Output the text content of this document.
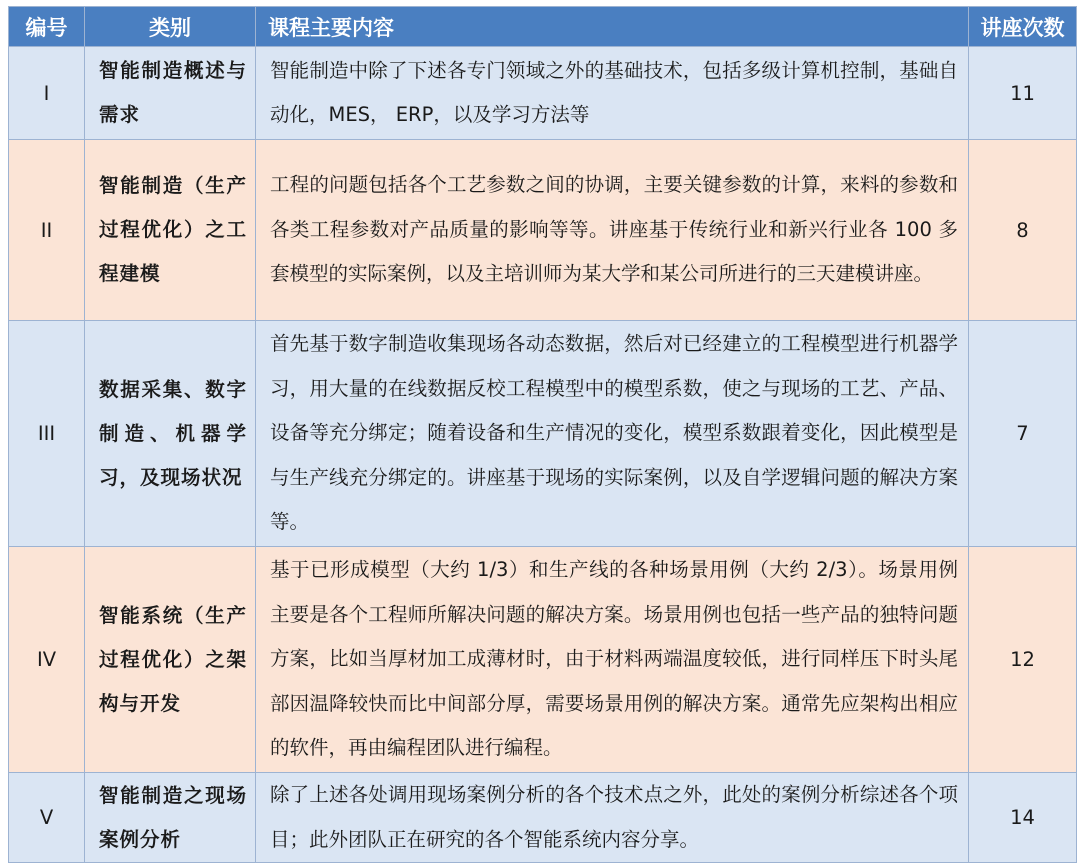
编号	类别	课程主要内容	讲座次数
I	智能制造概述与需求	智能制造中除了下述各专门领域之外的基础技术，包括多级计算机控制，基础自动化，MES， ERP，以及学习方法等	11
II	智能制造（生产过程优化）之工程建模	工程的问题包括各个工艺参数之间的协调，主要关键参数的计算，来料的参数和各类工程参数对产品质量的影响等等。讲座基于传统行业和新兴行业各 100 多套模型的实际案例，以及主培训师为某大学和某公司所进行的三天建模讲座。	8
III	数据采集、数字制造、机器学习，及现场状况	首先基于数字制造收集现场各动态数据，然后对已经建立的工程模型进行机器学习，用大量的在线数据反校工程模型中的模型系数，使之与现场的工艺、产品、设备等充分绑定；随着设备和生产情况的变化，模型系数跟着变化，因此模型是与生产线充分绑定的。讲座基于现场的实际案例，以及自学逻辑问题的解决方案等。	7
IV	智能系统（生产过程优化）之架构与开发	基于已形成模型（大约 1/3）和生产线的各种场景用例（大约 2/3）。场景用例主要是各个工程师所解决问题的解决方案。场景用例也包括一些产品的独特问题方案，比如当厚材加工成薄材时，由于材料两端温度较低，进行同样压下时头尾部因温降较快而比中间部分厚，需要场景用例的解决方案。通常先应架构出相应的软件，再由编程团队进行编程。	12
V	智能制造之现场案例分析	除了上述各处调用现场案例分析的各个技术点之外，此处的案例分析综述各个项目；此外团队正在研究的各个智能系统内容分享。	14
